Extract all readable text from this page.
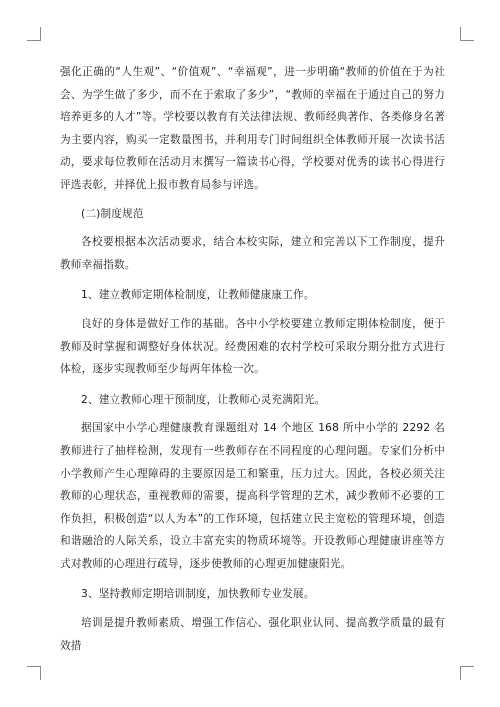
强化正确的“人生观”、“价值观”、“幸福观”，进一步明确“教师的价值在于为社会、为学生做了多少，而不在于索取了多少”，“教师的幸福在于通过自己的努力培养更多的人才”等。学校要以教育有关法律法规、教师经典著作、各类修身名著为主要内容，购买一定数量图书，并利用专门时间组织全体教师开展一次读书活动，要求每位教师在活动月末撰写一篇读书心得，学校要对优秀的读书心得进行评选表彰，并择优上报市教育局参与评选。

(二)制度规范

各校要根据本次活动要求，结合本校实际，建立和完善以下工作制度，提升教师幸福指数。

1、建立教师定期体检制度，让教师健康康工作。

良好的身体是做好工作的基础。各中小学校要建立教师定期体检制度，便于教师及时掌握和调整好身体状况。经费困难的农村学校可采取分期分批方式进行体检，逐步实现教师至少每两年体检一次。

2、建立教师心理干预制度，让教师心灵充满阳光。

据国家中小学心理健康教育课题组对 14 个地区 168 所中小学的 2292 名教师进行了抽样检测，发现有一些教师存在不同程度的心理问题。专家们分析中小学教师产生心理障碍的主要原因是工和繁重，压力过大。因此，各校必须关注教师的心理状态，重视教师的需要，提高科学管理的艺术，减少教师不必要的工作负担，积极创造“以人为本”的工作环境，包括建立民主宽松的管理环境，创造和谐融洽的人际关系，设立丰富充实的物质环境等。开设教师心理健康讲座等方式对教师的心理进行疏导，逐步使教师的心理更加健康阳光。

3、坚持教师定期培训制度，加快教师专业发展。

培训是提升教师素质、增强工作信心、强化职业认同、提高教学质量的最有效措
